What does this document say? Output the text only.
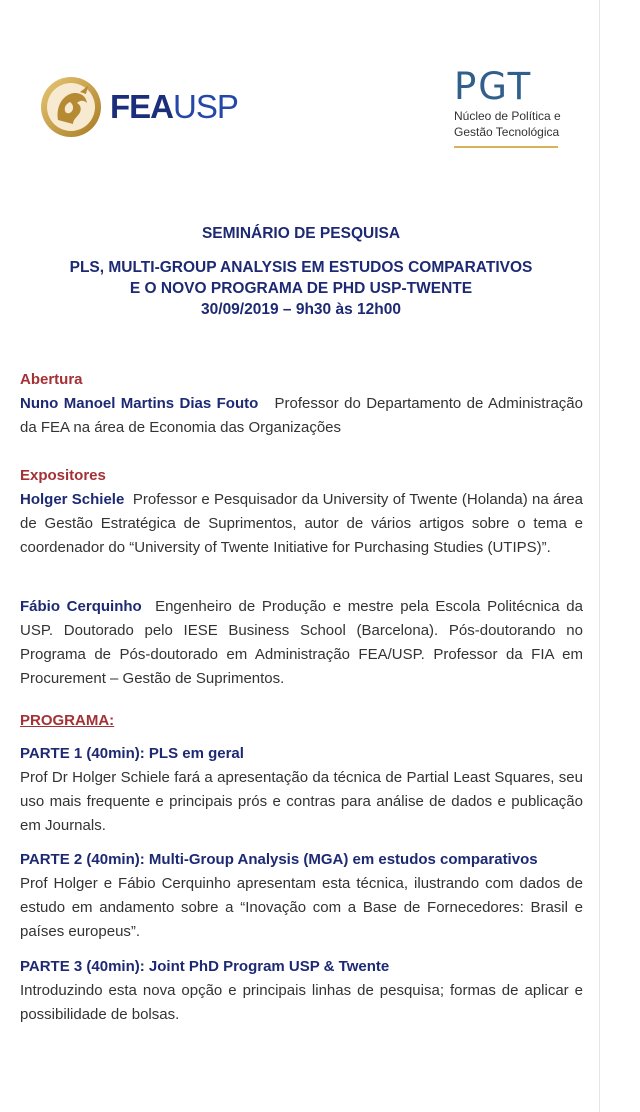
FEAUSP	PGT
Núcleo de Política e
Gestão Tecnológica
SEMINÁRIO DE PESQUISA
PLS, MULTI-GROUP ANALYSIS EM ESTUDOS COMPARATIVOS
E O NOVO PROGRAMA DE PHD USP-TWENTE
30/09/2019 – 9h30 às 12h00
Abertura

Nuno Manoel Martins Dias Fouto Professor do Departamento de Administração da FEA na área de Economia das Organizações

Expositores

Holger Schiele Professor e Pesquisador da University of Twente (Holanda) na área de Gestão Estratégica de Suprimentos, autor de vários artigos sobre o tema e coordenador do “University of Twente Initiative for Purchasing Studies (UTIPS)”.

Fábio Cerquinho Engenheiro de Produção e mestre pela Escola Politécnica da USP. Doutorado pelo IESE Business School (Barcelona). Pós-doutorando no Programa de Pós-doutorado em Administração FEA/USP. Professor da FIA em Procurement – Gestão de Suprimentos.

PROGRAMA:
PARTE 1 (40min): PLS em geral

Prof Dr Holger Schiele fará a apresentação da técnica de Partial Least Squares, seu uso mais frequente e principais prós e contras para análise de dados e publicação em Journals.

PARTE 2 (40min): Multi-Group Analysis (MGA) em estudos comparativos

Prof Holger e Fábio Cerquinho apresentam esta técnica, ilustrando com dados de estudo em andamento sobre a “Inovação com a Base de Fornecedores: Brasil e países europeus”.

PARTE 3 (40min): Joint PhD Program USP & Twente

Introduzindo esta nova opção e principais linhas de pesquisa; formas de aplicar e possibilidade de bolsas.
